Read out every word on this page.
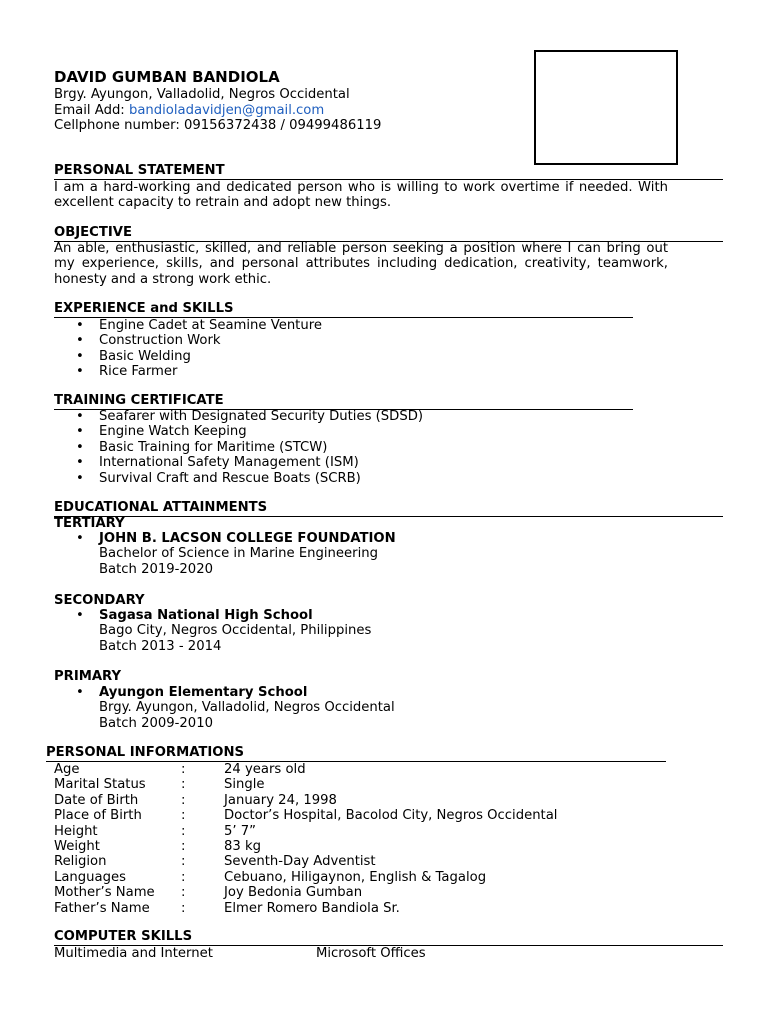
DAVID GUMBAN BANDIOLA
Brgy. Ayungon, Valladolid, Negros Occidental
Email Add: bandioladavidjen@gmail.com
Cellphone number: 09156372438 / 09499486119
PERSONAL STATEMENT
I am a hard-working and dedicated person who is willing to work overtime if needed. With excellent capacity to retrain and adopt new things.
OBJECTIVE
An able, enthusiastic, skilled, and reliable person seeking a position where I can bring out my experience, skills, and personal attributes including dedication, creativity, teamwork, honesty and a strong work ethic.
EXPERIENCE and SKILLS
• Engine Cadet at Seamine Venture
• Construction Work
• Basic Welding
• Rice Farmer
TRAINING CERTIFICATE
• Seafarer with Designated Security Duties (SDSD)
• Engine Watch Keeping
• Basic Training for Maritime (STCW)
• International Safety Management (ISM)
• Survival Craft and Rescue Boats (SCRB)
EDUCATIONAL ATTAINMENTS
TERTIARY
• JOHN B. LACSON COLLEGE FOUNDATION
Bachelor of Science in Marine Engineering
Batch 2019-2020
SECONDARY
• Sagasa National High School
Bago City, Negros Occidental, Philippines
Batch 2013 - 2014
PRIMARY
• Ayungon Elementary School
Brgy. Ayungon, Valladolid, Negros Occidental
Batch 2009-2010
PERSONAL INFORMATIONS
Age	:	24 years old
Marital Status	:	Single
Date of Birth	:	January 24, 1998
Place of Birth	:	Doctor’s Hospital, Bacolod City, Negros Occidental
Height	:	5’ 7”
Weight	:	83 kg
Religion	:	Seventh-Day Adventist
Languages	:	Cebuano, Hiligaynon, English & Tagalog
Mother’s Name :	Joy Bedonia Gumban
Father’s Name :	Elmer Romero Bandiola Sr.
COMPUTER SKILLS
Multimedia and Internet	Microsoft Offices
